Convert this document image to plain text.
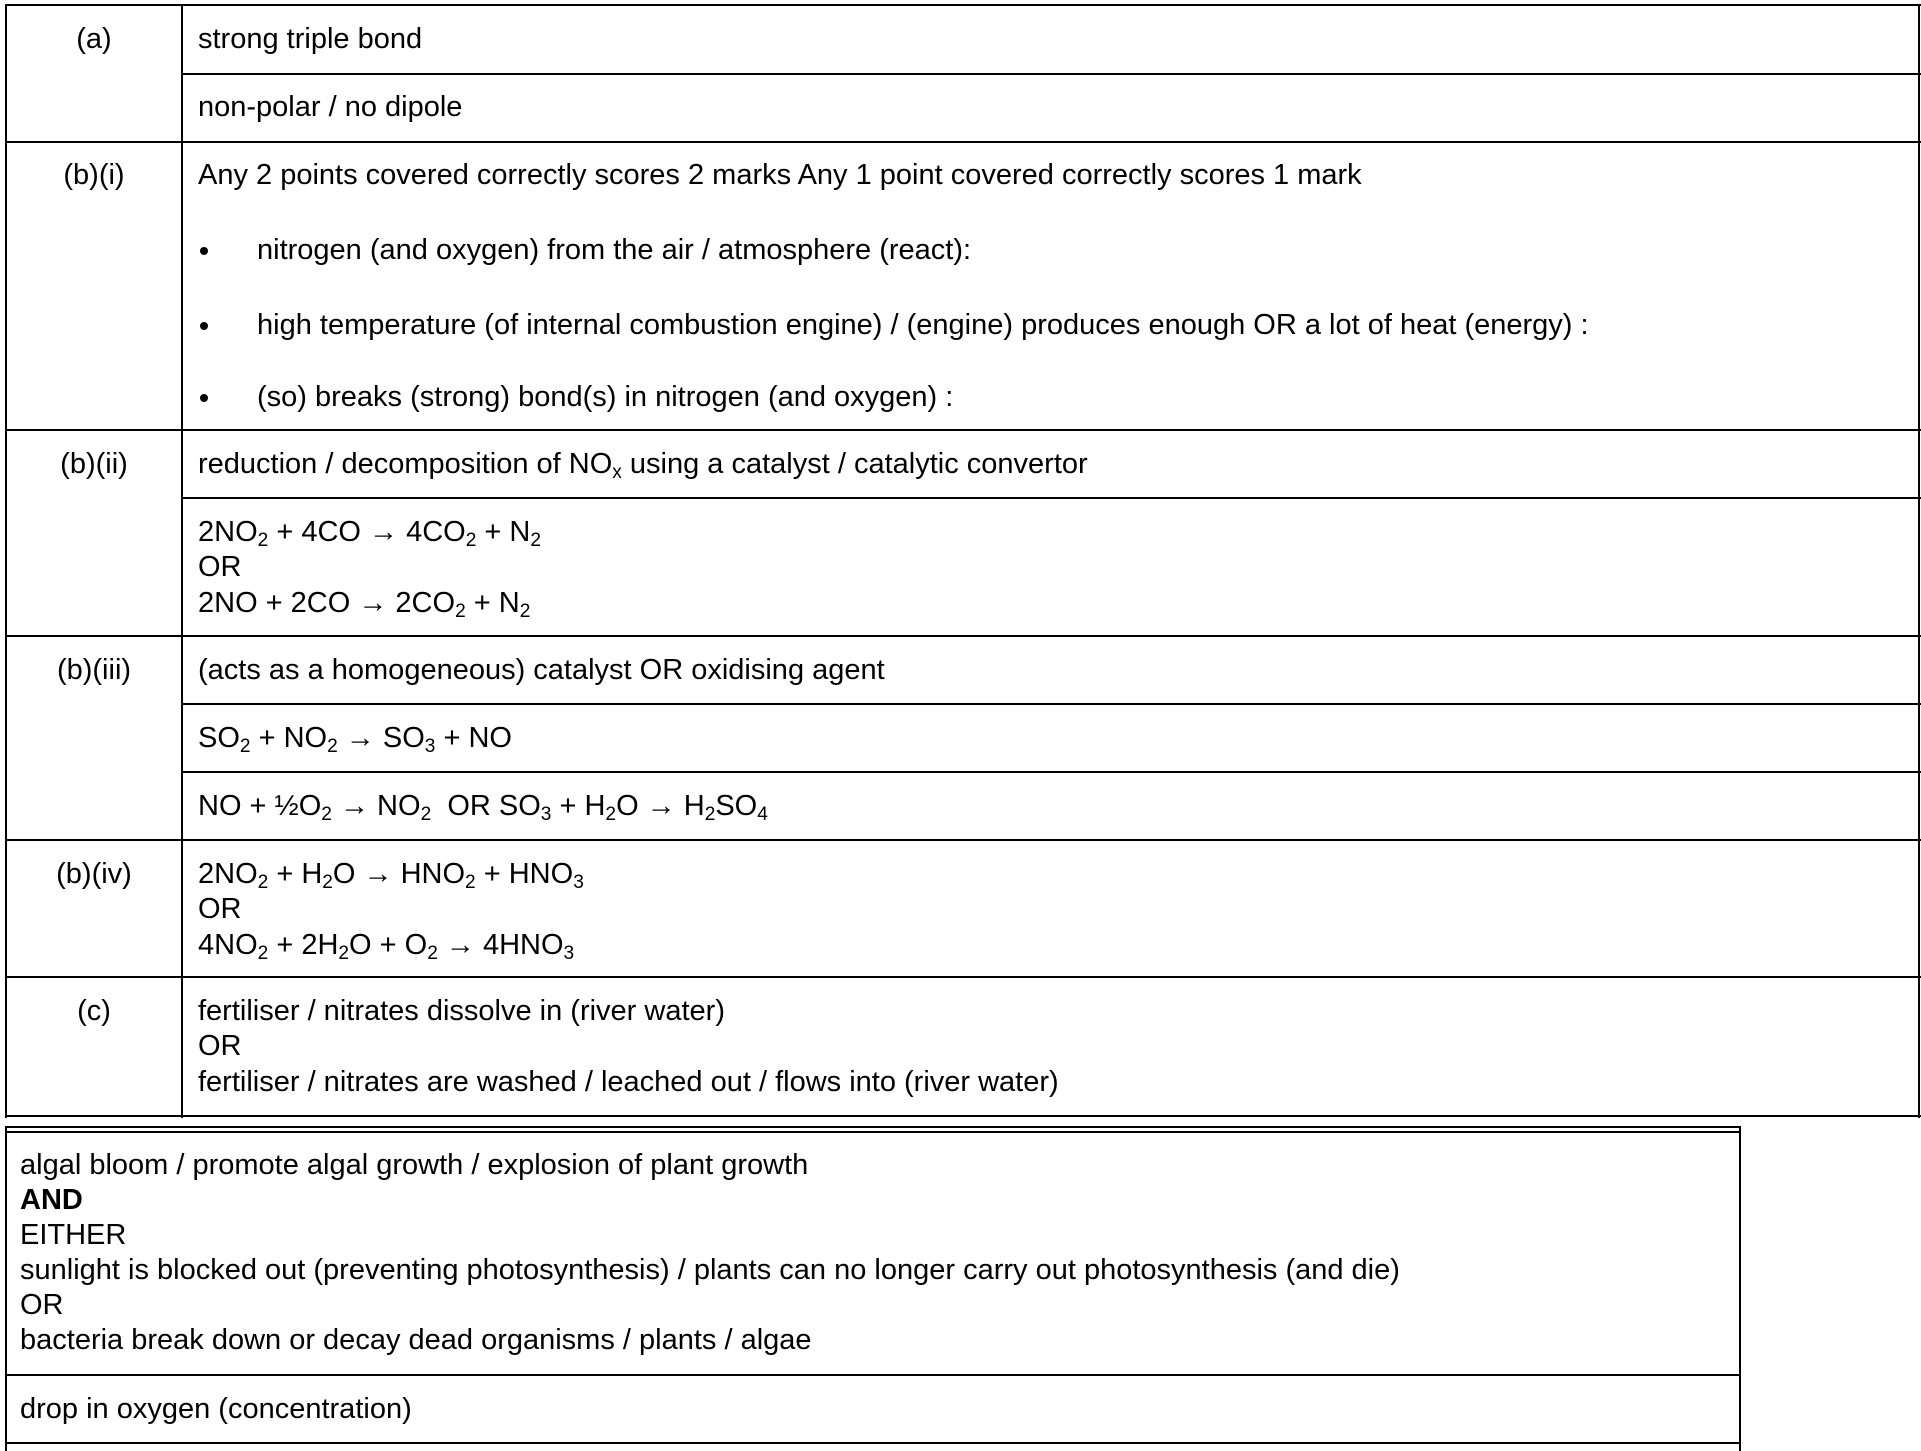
(a)	strong triple bond
non-polar / no dipole
(b)(i)	Any 2 points covered correctly scores 2 marks Any 1 point covered correctly scores 1 mark
nitrogen (and oxygen) from the air / atmosphere (react):
high temperature (of internal combustion engine) / (engine) produces enough OR a lot of heat (energy) :
(so) breaks (strong) bond(s) in nitrogen (and oxygen) :
(b)(ii)	reduction / decomposition of $NO_x$ using a catalyst / catalytic convertor
$2NO_2 + 4CO \to 4CO_2 + N_2$
OR
$2NO + 2CO \to 2CO_2 + N_2$
(b)(iii)	(acts as a homogeneous) catalyst OR oxidising agent
$SO_2 + NO_2 \to SO_3$ + NO
NO + $\frac{1}{2}O_2 \to NO_2$  OR $SO_3 + H_2O \to H_2SO_4$
(b)(iv)	$2NO_2 + H_2O \to HNO_2 + HNO_3$
OR
$4NO_2 + 2H_2O + O_2 \to 4HNO_3$
(c)	fertiliser / nitrates dissolve in (river water)
OR
fertiliser / nitrates are washed / leached out / flows into (river water)
algal bloom / promote algal growth / explosion of plant growth
AND
EITHER
sunlight is blocked out (preventing photosynthesis) / plants can no longer carry out photosynthesis (and die)
OR
bacteria break down or decay dead organisms / plants / algae
drop in oxygen (concentration)
